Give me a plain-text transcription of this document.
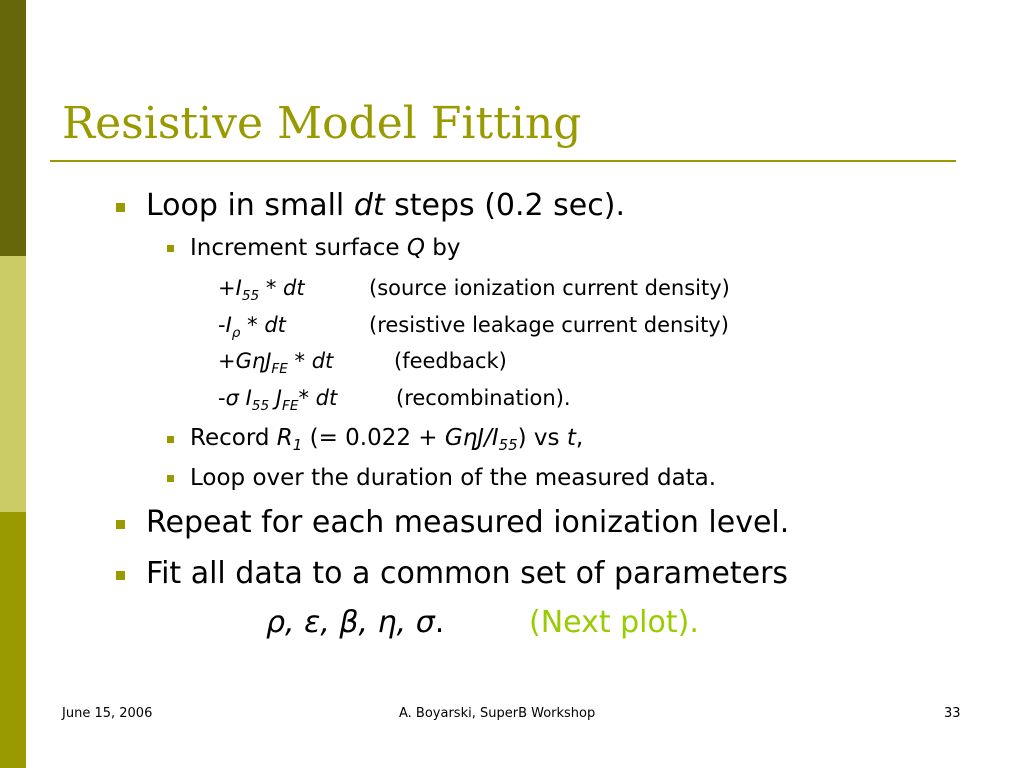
Resistive Model Fitting
Loop in small dt steps (0.2 sec).
Increment surface Q by
$+I_{55}$ * dt	(source ionization current density)
$-I_\rho$ * dt	(resistive leakage current density)
+GηJ$_{FE}$ * dt	(feedback)
-σ $I_{55}$ $J_{FE}*$ dt	(recombination).
Record $R_1$ (= 0.022 + GηJ/$I_{55}$) vs t,
Loop over the duration of the measured data.
Repeat for each measured ionization level.
Fit all data to a common set of parameters
ρ, ε, β, η, σ.	(Next plot).
June 15, 2006	A. Boyarski, SuperB Workshop	33
